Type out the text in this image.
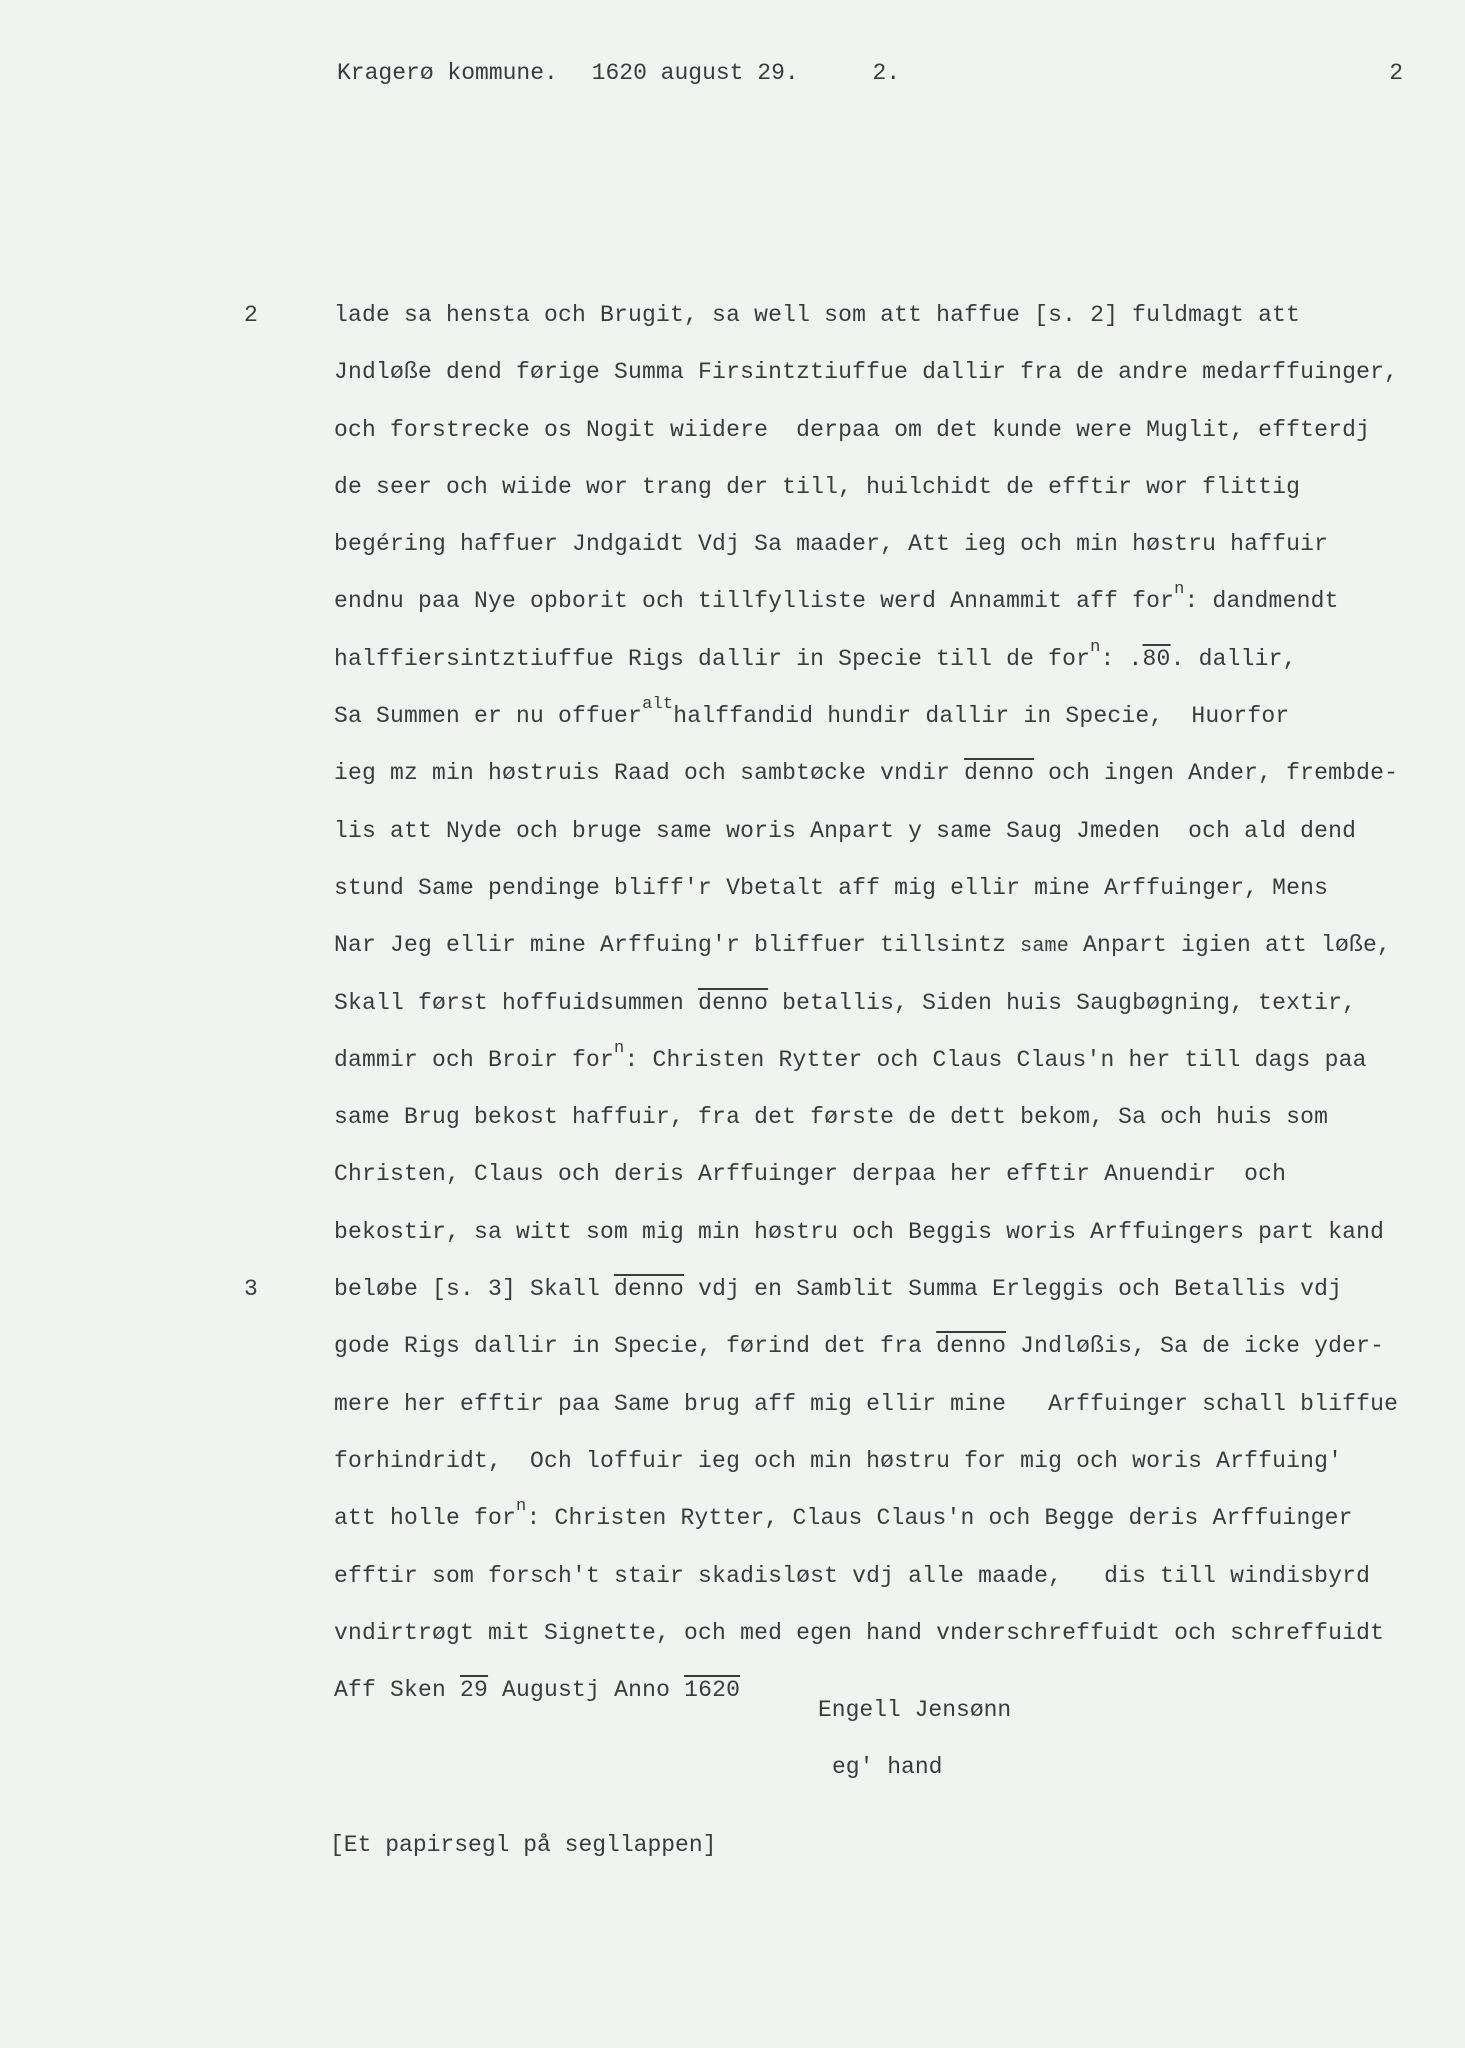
Kragerø kommune. 1620 august 29.	2.	2
2	lade sa hensta och Brugit, sa well som att haffue [s. 2] fuldmagt att
Jndløße dend førige Summa Firsintztiuffue dallir fra de andre medarffuinger,
och forstrecke os Nogit wiidere  derpaa om det kunde were Muglit, effterdj
de seer och wiide wor trang der till, huilchidt de efftir wor flittig
begéring haffuer Jndgaidt Vdj Sa maader, Att ieg och min høstru haffuir
endnu paa Nye opborit och tillfylliste werd Annammit aff for$^n$: dandmendt
halffiersintztiuffue Rigs dallir in Specie till de for$^n$: .80. dallir,
Sa Summen er nu offuer$^{alt}$halffandid hundir dallir in Specie,  Huorfor
ieg mz min høstruis Raad och sambtøcke vndir denno och ingen Ander, frembde-
lis att Nyde och bruge same woris Anpart y same Saug Jmeden  och ald dend
stund Same pendinge bliff'r Vbetalt aff mig ellir mine Arffuinger, Mens
Nar Jeg ellir mine Arffuing'r bliffuer tillsintz same Anpart igien att løße,
Skall først hoffuidsummen denno betallis, Siden huis Saugbøgning, textir,
dammir och Broir for$^n$: Christen Rytter och Claus Claus'n her till dags paa
same Brug bekost haffuir, fra det første de dett bekom, Sa och huis som
Christen, Claus och deris Arffuinger derpaa her efftir Anuendir  och
bekostir, sa witt som mig min høstru och Beggis woris Arffuingers part kand
3	beløbe [s. 3] Skall denno vdj en Samblit Summa Erleggis och Betallis vdj
gode Rigs dallir in Specie, førind det fra denno Jndløßis, Sa de icke yder-
mere her efftir paa Same brug aff mig ellir mine   Arffuinger schall bliffue
forhindridt,  Och loffuir ieg och min høstru for mig och woris Arffuing'
att holle for$^n$: Christen Rytter, Claus Claus'n och Begge deris Arffuinger
efftir som forsch't stair skadisløst vdj alle maade,   dis till windisbyrd
vndirtrøgt mit Signette, och med egen hand vnderschreffuidt och schreffuidt
Aff Sken 29 Augustj Anno 1620
Engell Jensønn
eg' hand
[Et papirsegl på segllappen]
